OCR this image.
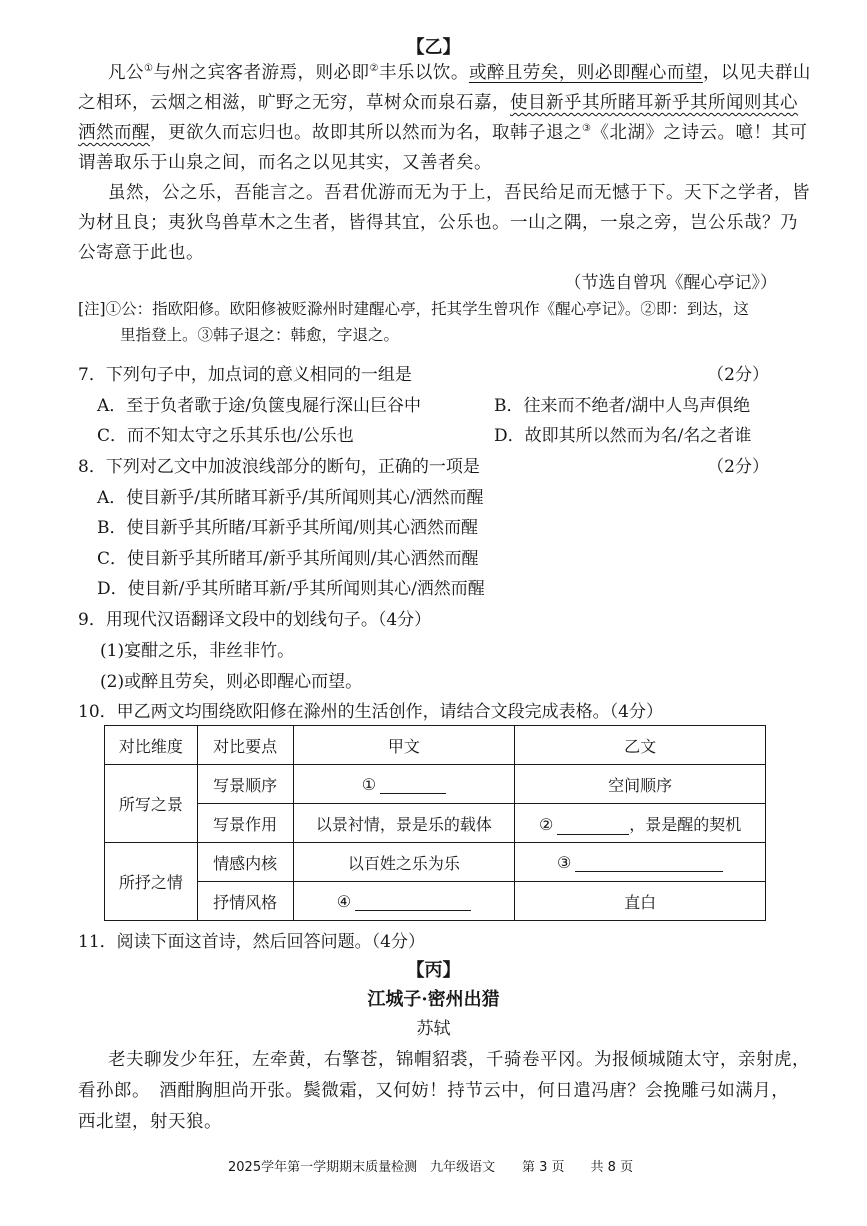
【乙】
凡公①与州之宾客者游焉，则必即②丰乐以饮。或醉且劳矣，则必即醒心而望，以见夫群山
之相环，云烟之相滋，旷野之无穷，草树众而泉石嘉，使目新乎其所睹耳新乎其所闻则其心
洒然而醒，更欲久而忘归也。故即其所以然而为名，取韩子退之③《北湖》之诗云。噫！其可
谓善取乐于山泉之间，而名之以见其实，又善者矣。
虽然，公之乐，吾能言之。吾君优游而无为于上，吾民给足而无憾于下。天下之学者，皆
为材且良；夷狄鸟兽草木之生者，皆得其宜，公乐也。一山之隅，一泉之旁，岂公乐哉？乃
公寄意于此也。
（节选自曾巩《醒心亭记》）
[注]①公：指欧阳修。欧阳修被贬滁州时建醒心亭，托其学生曾巩作《醒心亭记》。②即：到达，这
里指登上。③韩子退之：韩愈，字退之。
7．下列句子中，加点词的意义相同的一组是	（2分）
A．至于负者歌于途/负箧曳屣行深山巨谷中	B．往来而不绝者/湖中人鸟声俱绝
C．而不知太守之乐其乐也/公乐也	D．故即其所以然而为名/名之者谁
8．下列对乙文中加波浪线部分的断句，正确的一项是	（2分）
A．使目新乎/其所睹耳新乎/其所闻则其心/洒然而醒
B．使目新乎其所睹/耳新乎其所闻/则其心洒然而醒
C．使目新乎其所睹耳/新乎其所闻则/其心洒然而醒
D．使目新/乎其所睹耳新/乎其所闻则其心/洒然而醒
9．用现代汉语翻译文段中的划线句子。（4分）
(1)宴酣之乐，非丝非竹。
(2)或醉且劳矣，则必即醒心而望。
10．甲乙两文均围绕欧阳修在滁州的生活创作，请结合文段完成表格。（4分）
对比维度	对比要点	甲文	乙文
所写之景	写景顺序	①	空间顺序
	写景作用	以景衬情，景是乐的载体	② ，景是醒的契机
所抒之情	情感内核	以百姓之乐为乐	③
	抒情风格	④	直白
11．阅读下面这首诗，然后回答问题。（4分）
【丙】
江城子·密州出猎
苏轼
老夫聊发少年狂，左牵黄，右擎苍，锦帽貂裘，千骑卷平冈。为报倾城随太守，亲射虎，
看孙郎。　酒酣胸胆尚开张。鬓微霜，又何妨！持节云中，何日遣冯唐？会挽雕弓如满月，
西北望，射天狼。
2025学年第一学期期末质量检测　九年级语文 第 3 页　　共 8 页
